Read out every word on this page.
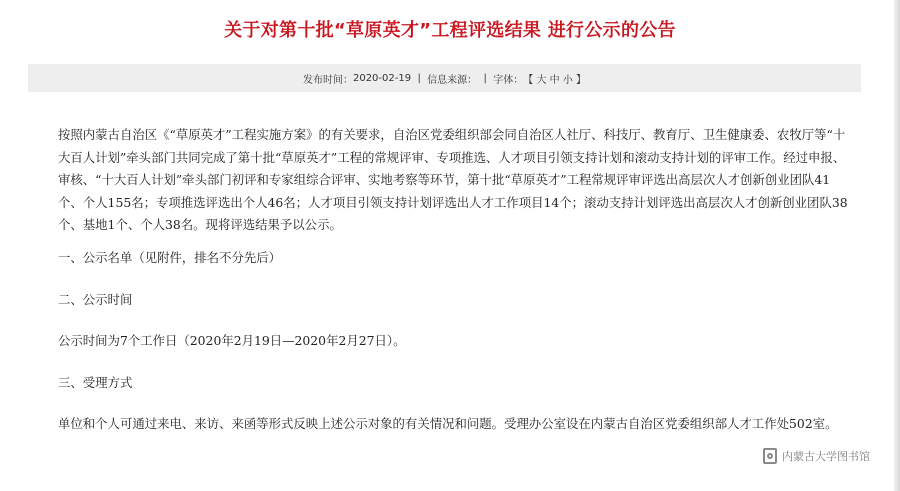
关于对第十批“草原英才”工程评选结果 进行公示的公告
发布时间： 2020-02-19 | 信息来源： | 字体： 【 大
中
小 】

按照内蒙古自治区《“草原英才”工程实施方案》的有关要求，自治区党委组织部会同自治区人社厅、科技厅、教育厅、卫生健康委、农牧厅等“十大百人计划”牵头部门共同完成了第十批“草原英才”工程的常规评审、专项推选、人才项目引领支持计划和滚动支持计划的评审工作。经过申报、审核、“十大百人计划”牵头部门初评和专家组综合评审、实地考察等环节，第十批“草原英才”工程常规评审评选出高层次人才创新创业团队41个、个人155名；专项推选评选出个人46名；人才项目引领支持计划评选出人才工作项目14个；滚动支持计划评选出高层次人才创新创业团队38个、基地1个、个人38名。现将评选结果予以公示。

一、公示名单（见附件，排名不分先后）

二、公示时间

公示时间为7个工作日（2020年2月19日—2020年2月27日）。

三、受理方式

单位和个人可通过来电、来访、来函等形式反映上述公示对象的有关情况和问题。受理办公室设在内蒙古自治区党委组织部人才工作处502室。

内蒙古大学图书馆
